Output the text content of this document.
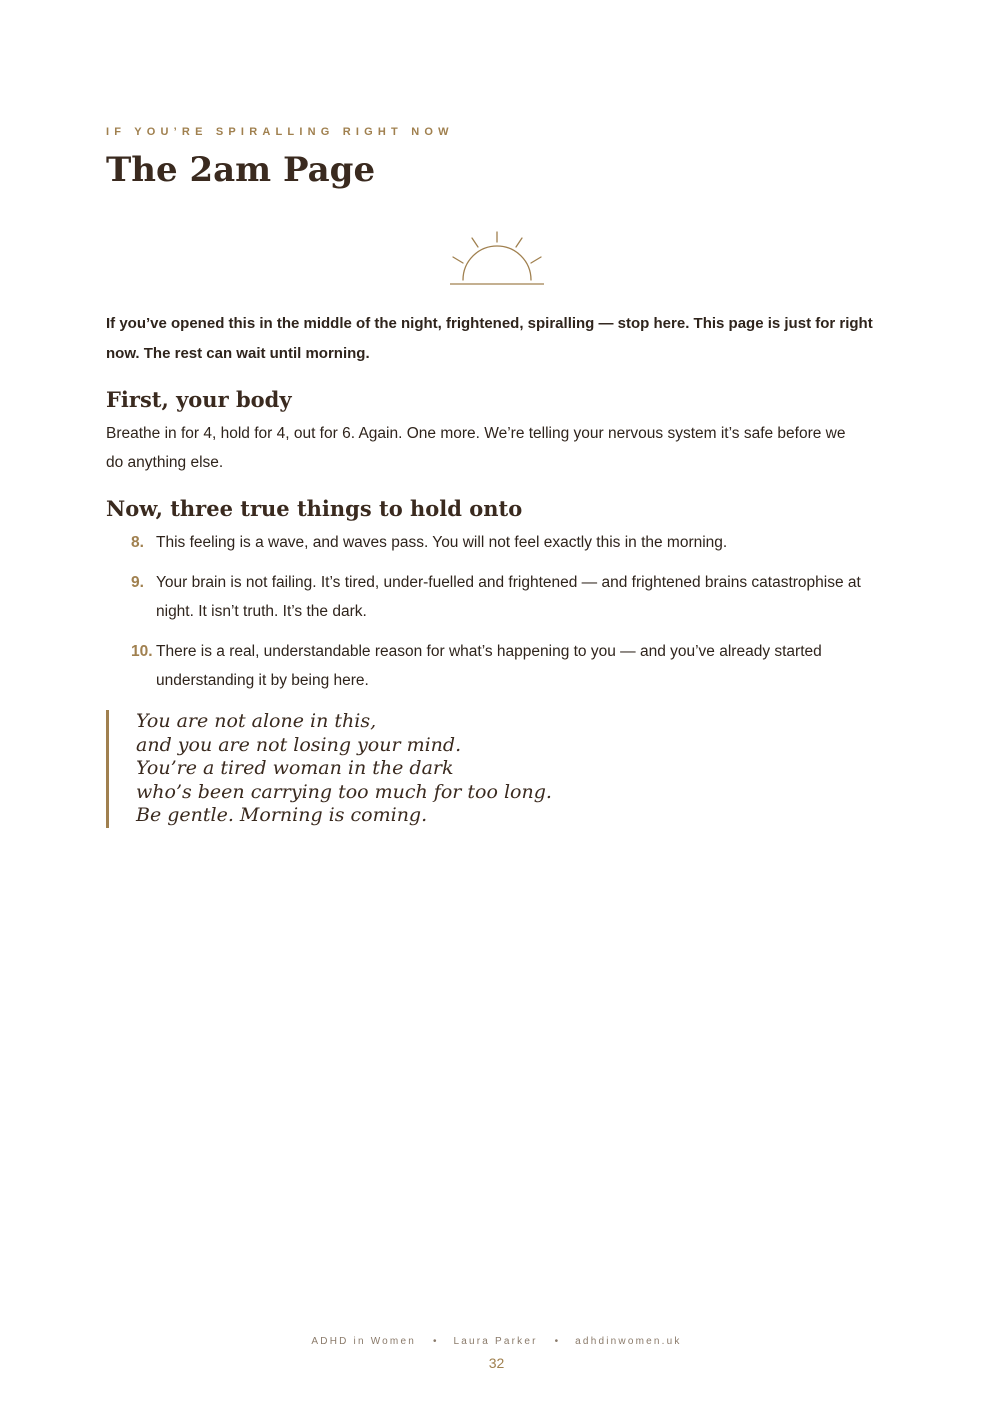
IF YOU’RE SPIRALLING RIGHT NOW
The 2am Page

If you’ve opened this in the middle of the night, frightened, spiralling — stop here. This page is just for right now. The rest can wait until morning.

First, your body

Breathe in for 4, hold for 4, out for 6. Again. One more. We’re telling your nervous system it’s safe before we do anything else.

Now, three true things to hold onto
8. This feeling is a wave, and waves pass. You will not feel exactly this in the morning.
9. Your brain is not failing. It’s tired, under-fuelled and frightened — and frightened brains catastrophise at night. It isn’t truth. It’s the dark.
10. There is a real, understandable reason for what’s happening to you — and you’ve already started understanding it by being here.
You are not alone in this,
and you are not losing your mind.
You’re a tired woman in the dark
who’s been carrying too much for too long.
Be gentle. Morning is coming.
ADHD in Women • Laura Parker • adhdinwomen.uk
32
